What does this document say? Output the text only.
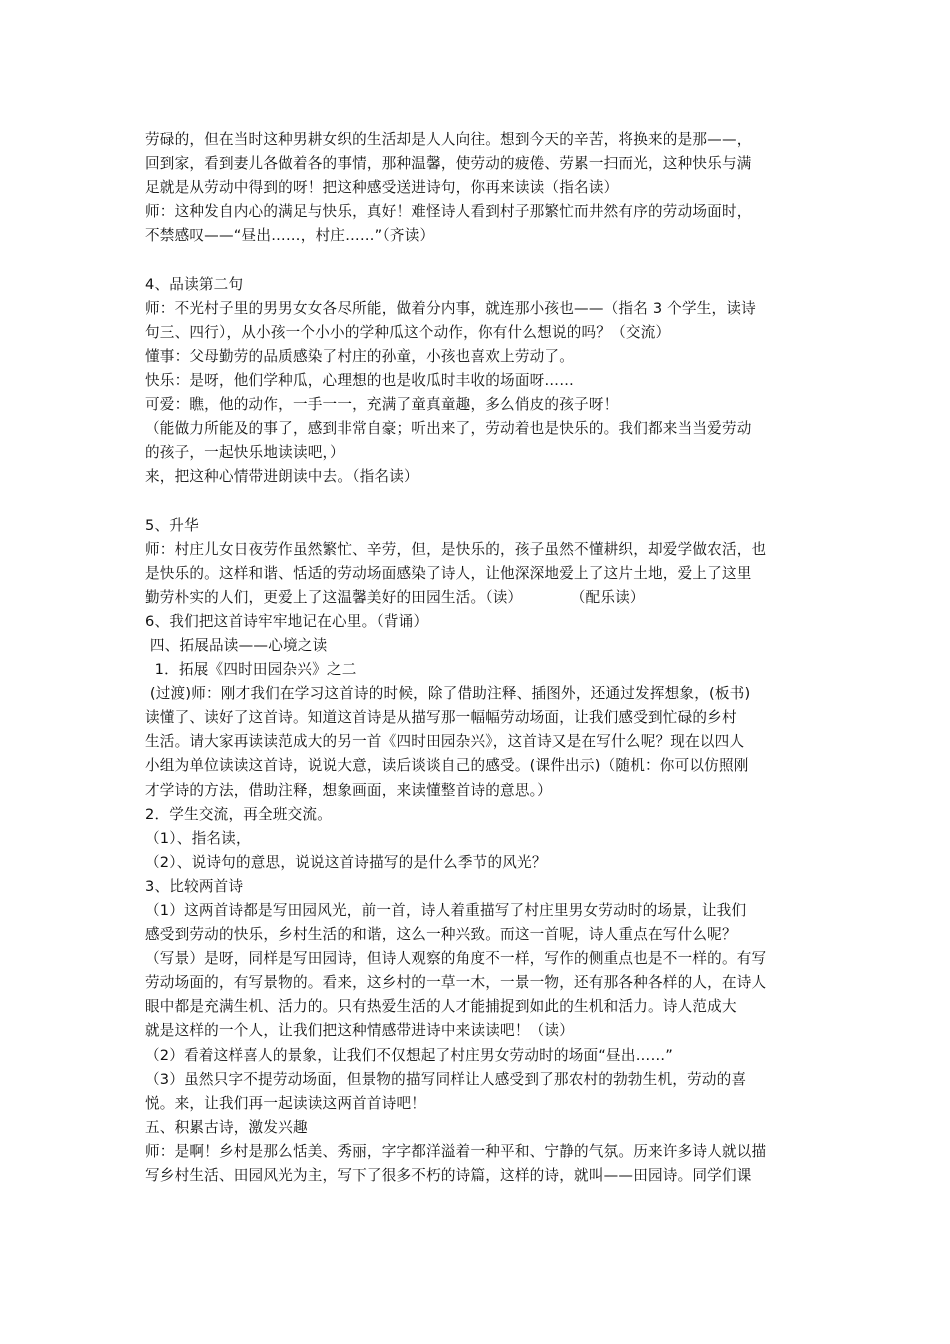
劳碌的，但在当时这种男耕女织的生活却是人人向往。想到今天的辛苦，将换来的是那——，
回到家，看到妻儿各做着各的事情，那种温馨，使劳动的疲倦、劳累一扫而光，这种快乐与满
足就是从劳动中得到的呀！把这种感受送进诗句，你再来读读（指名读）
师：这种发自内心的满足与快乐，真好！难怪诗人看到村子那繁忙而井然有序的劳动场面时，
不禁感叹——“昼出……，村庄……”（齐读）
4、品读第二句
师：不光村子里的男男女女各尽所能，做着分内事，就连那小孩也——（指名 3 个学生，读诗
句三、四行），从小孩一个小小的学种瓜这个动作，你有什么想说的吗？（交流）
懂事：父母勤劳的品质感染了村庄的孙童，小孩也喜欢上劳动了。
快乐：是呀，他们学种瓜，心理想的也是收瓜时丰收的场面呀……
可爱：瞧，他的动作，一手一一，充满了童真童趣，多么俏皮的孩子呀！
（能做力所能及的事了，感到非常自豪；听出来了，劳动着也是快乐的。我们都来当当爱劳动
的孩子，一起快乐地读读吧，）
来，把这种心情带进朗读中去。（指名读）
5、升华
师：村庄儿女日夜劳作虽然繁忙、辛劳，但，是快乐的，孩子虽然不懂耕织，却爱学做农活，也
是快乐的。这样和谐、恬适的劳动场面感染了诗人，让他深深地爱上了这片土地，爱上了这里
勤劳朴实的人们，更爱上了这温馨美好的田园生活。（读）          （配乐读）
6、我们把这首诗牢牢地记在心里。（背诵）
四、拓展品读——心境之读
1．拓展《四时田园杂兴》之二
(过渡)师：刚才我们在学习这首诗的时候，除了借助注释、插图外，还通过发挥想象，(板书)
读懂了、读好了这首诗。知道这首诗是从描写那一幅幅劳动场面，让我们感受到忙碌的乡村
生活。请大家再读读范成大的另一首《四时田园杂兴》，这首诗又是在写什么呢？现在以四人
小组为单位读读这首诗，说说大意，读后谈谈自己的感受。(课件出示)（随机：你可以仿照刚
才学诗的方法，借助注释，想象画面，来读懂整首诗的意思。）
2．学生交流，再全班交流。
（1）、指名读，
（2）、说诗句的意思，说说这首诗描写的是什么季节的风光？
3、比较两首诗
（1）这两首诗都是写田园风光，前一首，诗人着重描写了村庄里男女劳动时的场景，让我们
感受到劳动的快乐，乡村生活的和谐，这么一种兴致。而这一首呢，诗人重点在写什么呢？
（写景）是呀，同样是写田园诗，但诗人观察的角度不一样，写作的侧重点也是不一样的。有写
劳动场面的，有写景物的。看来，这乡村的一草一木，一景一物，还有那各种各样的人，在诗人
眼中都是充满生机、活力的。只有热爱生活的人才能捕捉到如此的生机和活力。诗人范成大
就是这样的一个人，让我们把这种情感带进诗中来读读吧！（读）
（2）看着这样喜人的景象，让我们不仅想起了村庄男女劳动时的场面“昼出……”
（3）虽然只字不提劳动场面，但景物的描写同样让人感受到了那农村的勃勃生机，劳动的喜
悦。来，让我们再一起读读这两首首诗吧！
五、积累古诗，激发兴趣
师：是啊！乡村是那么恬美、秀丽，字字都洋溢着一种平和、宁静的气氛。历来许多诗人就以描
写乡村生活、田园风光为主，写下了很多不朽的诗篇，这样的诗，就叫——田园诗。同学们课
